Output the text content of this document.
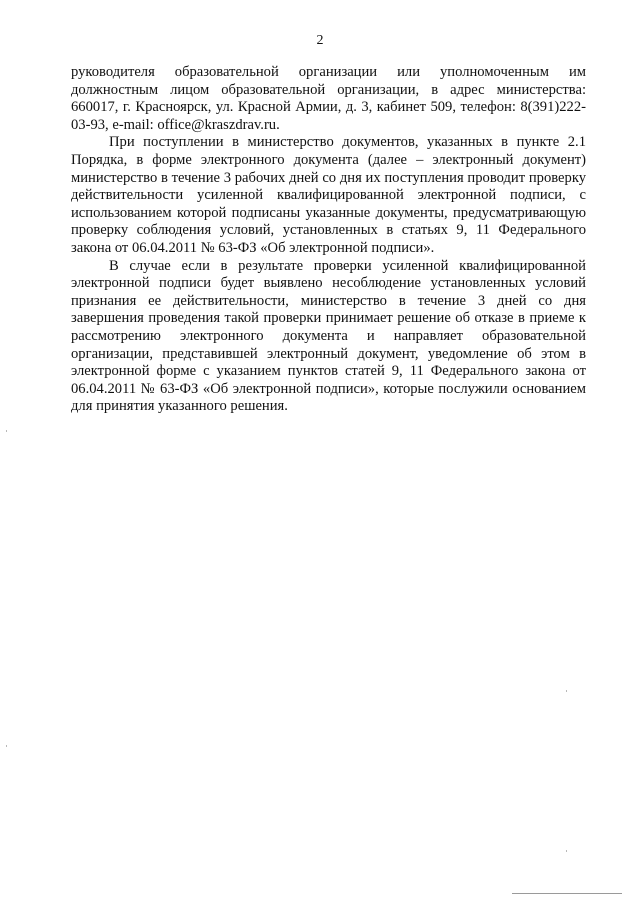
2

руководителя образовательной организации или уполномоченным им должностным лицом образовательной организации, в адрес министерства: 660017, г. Красноярск, ул. Красной Армии, д. 3, кабинет 509, телефон: 8(391)222-03-93, e-mail: office@kraszdrav.ru.

При поступлении в министерство документов, указанных в пункте 2.1 Порядка, в форме электронного документа (далее – электронный документ) министерство в течение 3 рабочих дней со дня их поступления проводит проверку действительности усиленной квалифицированной электронной подписи, с использованием которой подписаны указанные документы, предусматривающую проверку соблюдения условий, установленных в статьях 9, 11 Федерального закона от 06.04.2011 № 63-ФЗ «Об электронной подписи».

В случае если в результате проверки усиленной квалифицированной электронной подписи будет выявлено несоблюдение установленных условий признания ее действительности, министерство в течение 3 дней со дня завершения проведения такой проверки принимает решение об отказе в приеме к рассмотрению электронного документа и направляет образовательной организации, представившей электронный документ, уведомление об этом в электронной форме с указанием пунктов статей 9, 11 Федерального закона от 06.04.2011 № 63-ФЗ «Об электронной подписи», которые послужили основанием для принятия указанного решения.
